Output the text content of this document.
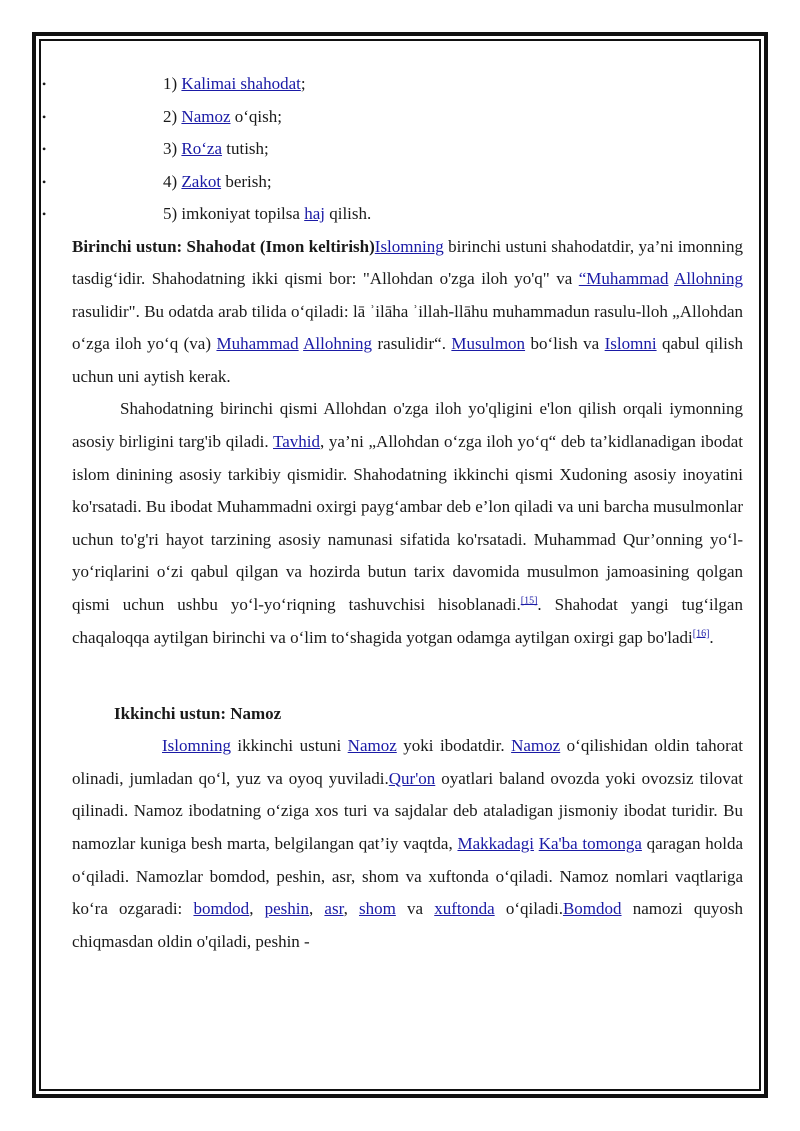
•	1) Kalimai shahodat;
•	2) Namoz o‘qish;
•	3) Ro‘za tutish;
•	4) Zakot berish;
•	5) imkoniyat topilsa haj qilish.

Birinchi ustun: Shahodat (Imon keltirish)Islomning birinchi ustuni shahodatdir, ya’ni imonning tasdig‘idir. Shahodatning ikki qismi bor: "Allohdan o'zga iloh yo'q" va “Muhammad Allohning rasulidir". Bu odatda arab tilida o‘qiladi: lā ʾilāha ʾillah-llāhu muhammadun rasulu-lloh „Allohdan o‘zga iloh yo‘q (va) Muhammad Allohning rasulidir“. Musulmon bo‘lish va Islomni qabul qilish uchun uni aytish kerak.

Shahodatning birinchi qismi Allohdan o'zga iloh yo'qligini e'lon qilish orqali iymonning asosiy birligini targ'ib qiladi. Tavhid, ya’ni „Allohdan o‘zga iloh yo‘q“ deb ta’kidlanadigan ibodat islom dinining asosiy tarkibiy qismidir. Shahodatning ikkinchi qismi Xudoning asosiy inoyatini ko'rsatadi. Bu ibodat Muhammadni oxirgi payg‘ambar deb e’lon qiladi va uni barcha musulmonlar uchun to'g'ri hayot tarzining asosiy namunasi sifatida ko'rsatadi. Muhammad Qur’onning yo‘l-yo‘riqlarini o‘zi qabul qilgan va hozirda butun tarix davomida musulmon jamoasining qolgan qismi uchun ushbu yo‘l-yo‘riqning tashuvchisi hisoblanadi.[15]. Shahodat yangi tug‘ilgan chaqaloqqa aytilgan birinchi va o‘lim to‘shagida yotgan odamga aytilgan oxirgi gap bo'ladi[16].

Ikkinchi ustun: Namoz

Islomning ikkinchi ustuni Namoz yoki ibodatdir. Namoz o‘qilishidan oldin tahorat olinadi, jumladan qo‘l, yuz va oyoq yuviladi.Qur'on oyatlari baland ovozda yoki ovozsiz tilovat qilinadi. Namoz ibodatning o‘ziga xos turi va sajdalar deb ataladigan jismoniy ibodat turidir. Bu namozlar kuniga besh marta, belgilangan qat’iy vaqtda, Makkadagi Ka'ba tomonga qaragan holda o‘qiladi. Namozlar bomdod, peshin, asr, shom va xuftonda o‘qiladi. Namoz nomlari vaqtlariga ko‘ra ozgaradi: bomdod, peshin, asr, shom va xuftonda o‘qiladi.Bomdod namozi quyosh chiqmasdan oldin o'qiladi, peshin -
